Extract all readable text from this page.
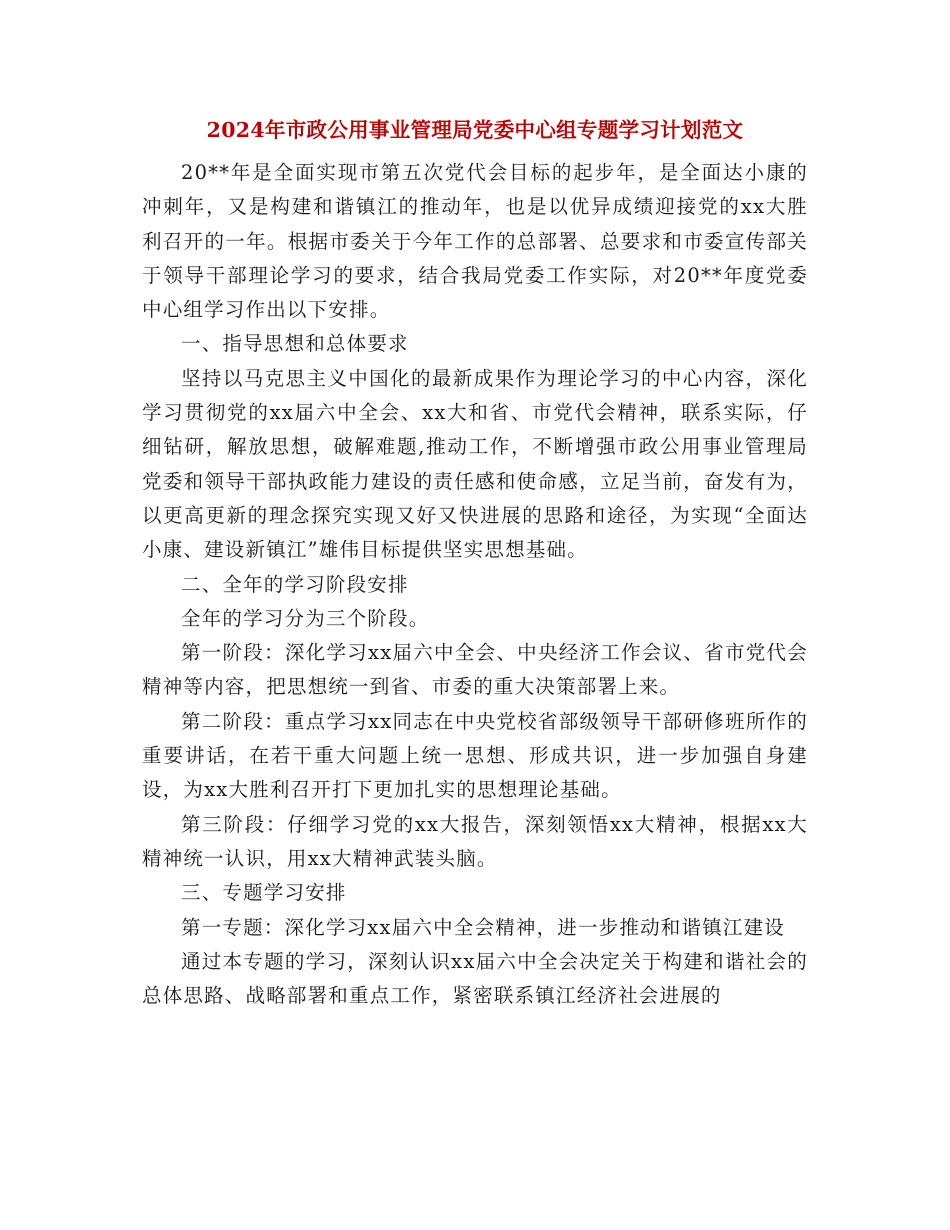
2024年市政公用事业管理局党委中心组专题学习计划范文

20**年是全面实现市第五次党代会目标的起步年，是全面达小康的冲刺年，又是构建和谐镇江的推动年，也是以优异成绩迎接党的xx大胜利召开的一年。根据市委关于今年工作的总部署、总要求和市委宣传部关于领导干部理论学习的要求，结合我局党委工作实际，对20**年度党委中心组学习作出以下安排。

一、指导思想和总体要求

坚持以马克思主义中国化的最新成果作为理论学习的中心内容，深化学习贯彻党的xx届六中全会、xx大和省、市党代会精神，联系实际，仔细钻研，解放思想，破解难题,推动工作，不断增强市政公用事业管理局党委和领导干部执政能力建设的责任感和使命感，立足当前，奋发有为，以更高更新的理念探究实现又好又快进展的思路和途径，为实现“全面达小康、建设新镇江”雄伟目标提供坚实思想基础。

二、全年的学习阶段安排

全年的学习分为三个阶段。

第一阶段：深化学习xx届六中全会、中央经济工作会议、省市党代会精神等内容，把思想统一到省、市委的重大决策部署上来。

第二阶段：重点学习xx同志在中央党校省部级领导干部研修班所作的重要讲话，在若干重大问题上统一思想、形成共识，进一步加强自身建设，为xx大胜利召开打下更加扎实的思想理论基础。

第三阶段：仔细学习党的xx大报告，深刻领悟xx大精神，根据xx大精神统一认识，用xx大精神武装头脑。

三、专题学习安排

第一专题：深化学习xx届六中全会精神，进一步推动和谐镇江建设

通过本专题的学习，深刻认识xx届六中全会决定关于构建和谐社会的总体思路、战略部署和重点工作，紧密联系镇江经济社会进展的
